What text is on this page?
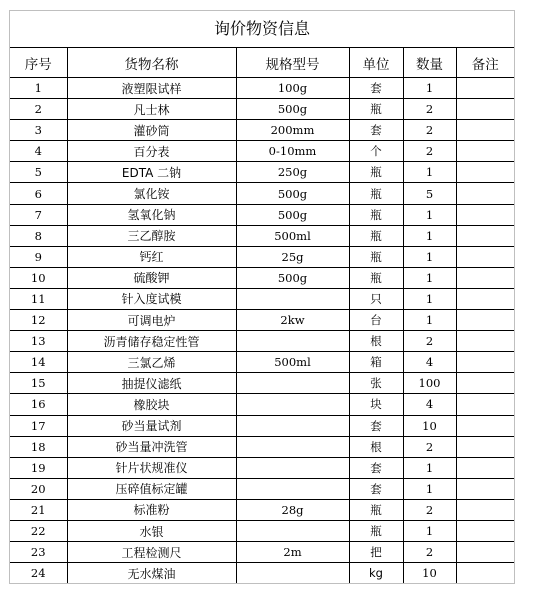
询价物资信息
序号	货物名称	规格型号	单位	数量	备注
1	液塑限试样	100g	套	1	
2	凡士林	500g	瓶	2	
3	灌砂筒	200mm	套	2	
4	百分表	0-10mm	个	2	
5	EDTA 二钠	250g	瓶	1	
6	氯化铵	500g	瓶	5	
7	氢氧化钠	500g	瓶	1	
8	三乙醇胺	500ml	瓶	1	
9	钙红	25g	瓶	1	
10	硫酸钾	500g	瓶	1	
11	针入度试模		只	1	
12	可调电炉	2kw	台	1	
13	沥青储存稳定性管		根	2	
14	三氯乙烯	500ml	箱	4	
15	抽提仪滤纸		张	100	
16	橡胶块		块	4	
17	砂当量试剂		套	10	
18	砂当量冲洗管		根	2	
19	针片状规准仪		套	1	
20	压碎值标定罐		套	1	
21	标准粉	28g	瓶	2	
22	水银		瓶	1	
23	工程检测尺	2m	把	2	
24	无水煤油		kg	10	
